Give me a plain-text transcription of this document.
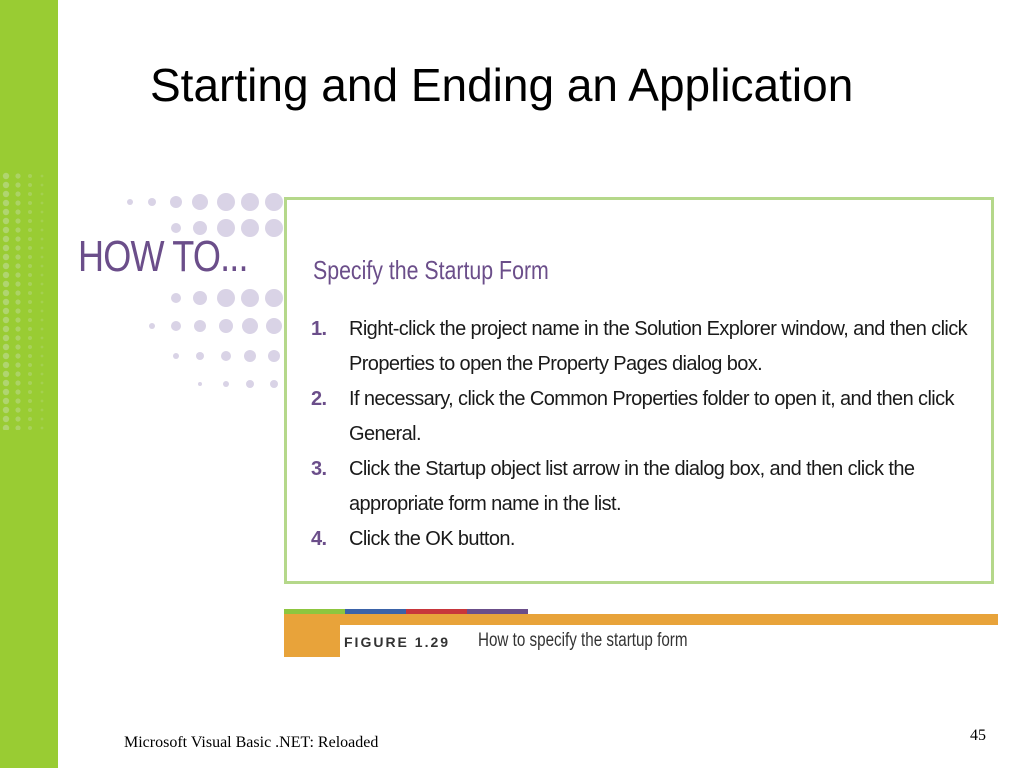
Starting and Ending an Application
HOW TO...	Specify the Startup Form
1. Right-click the project name in the Solution Explorer window, and then click Properties to open the Property Pages dialog box.
2. If necessary, click the Common Properties folder to open it, and then click General.
3. Click the Startup object list arrow in the dialog box, and then click the appropriate form name in the list.
4. Click the OK button.
FIGURE 1.29 How to specify the startup form
Microsoft Visual Basic .NET: Reloaded	45
